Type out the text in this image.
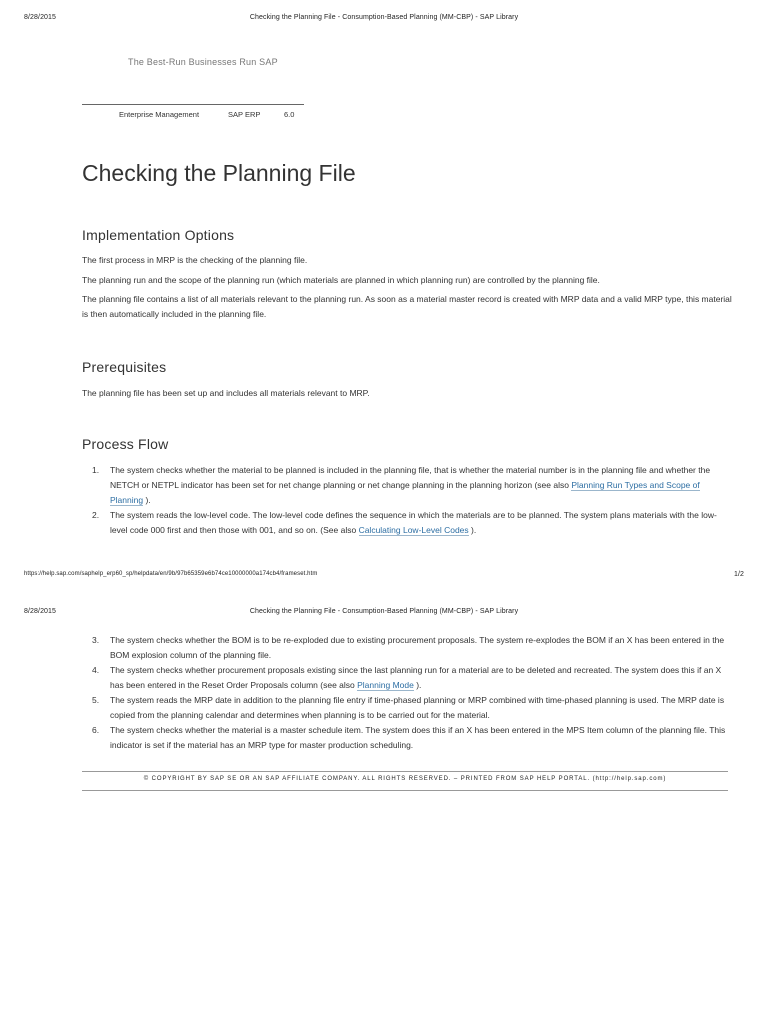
8/28/2015	Checking the Planning File - Consumption-Based Planning (MM-CBP) - SAP Library
The Best-Run Businesses Run SAP
Enterprise Management	SAP ERP	6.0
Checking the Planning File
Implementation Options

The first process in MRP is the checking of the planning file.

The planning run and the scope of the planning run (which materials are planned in which planning run) are controlled by the planning file.

The planning file contains a list of all materials relevant to the planning run. As soon as a material master record is created with MRP data and a valid MRP type, this material is then automatically included in the planning file.

Prerequisites

The planning file has been set up and includes all materials relevant to MRP.

Process Flow
1. The system checks whether the material to be planned is included in the planning file, that is whether the material number is in the planning file and whether the NETCH or NETPL indicator has been set for net change planning or net change planning in the planning horizon (see also Planning Run Types and Scope of Planning ).
2. The system reads the low-level code. The low-level code defines the sequence in which the materials are to be planned. The system plans materials with the low-level code 000 first and then those with 001, and so on. (See also Calculating Low-Level Codes ).
https://help.sap.com/saphelp_erp60_sp/helpdata/en/9b/97b65359e6b74ce10000000a174cb4/frameset.htm	1/2
8/28/2015	Checking the Planning File - Consumption-Based Planning (MM-CBP) - SAP Library
3. The system checks whether the BOM is to be re-exploded due to existing procurement proposals. The system re-explodes the BOM if an X has been entered in the BOM explosion column of the planning file.
4. The system checks whether procurement proposals existing since the last planning run for a material are to be deleted and recreated. The system does this if an X has been entered in the Reset Order Proposals column (see also Planning Mode ).
5. The system reads the MRP date in addition to the planning file entry if time-phased planning or MRP combined with time-phased planning is used. The MRP date is copied from the planning calendar and determines when planning is to be carried out for the material.
6. The system checks whether the material is a master schedule item. The system does this if an X has been entered in the MPS Item column of the planning file. This indicator is set if the material has an MRP type for master production scheduling.
© COPYRIGHT BY SAP SE OR AN SAP AFFILIATE COMPANY. ALL RIGHTS RESERVED. – PRINTED FROM SAP HELP PORTAL. (http://help.sap.com)
